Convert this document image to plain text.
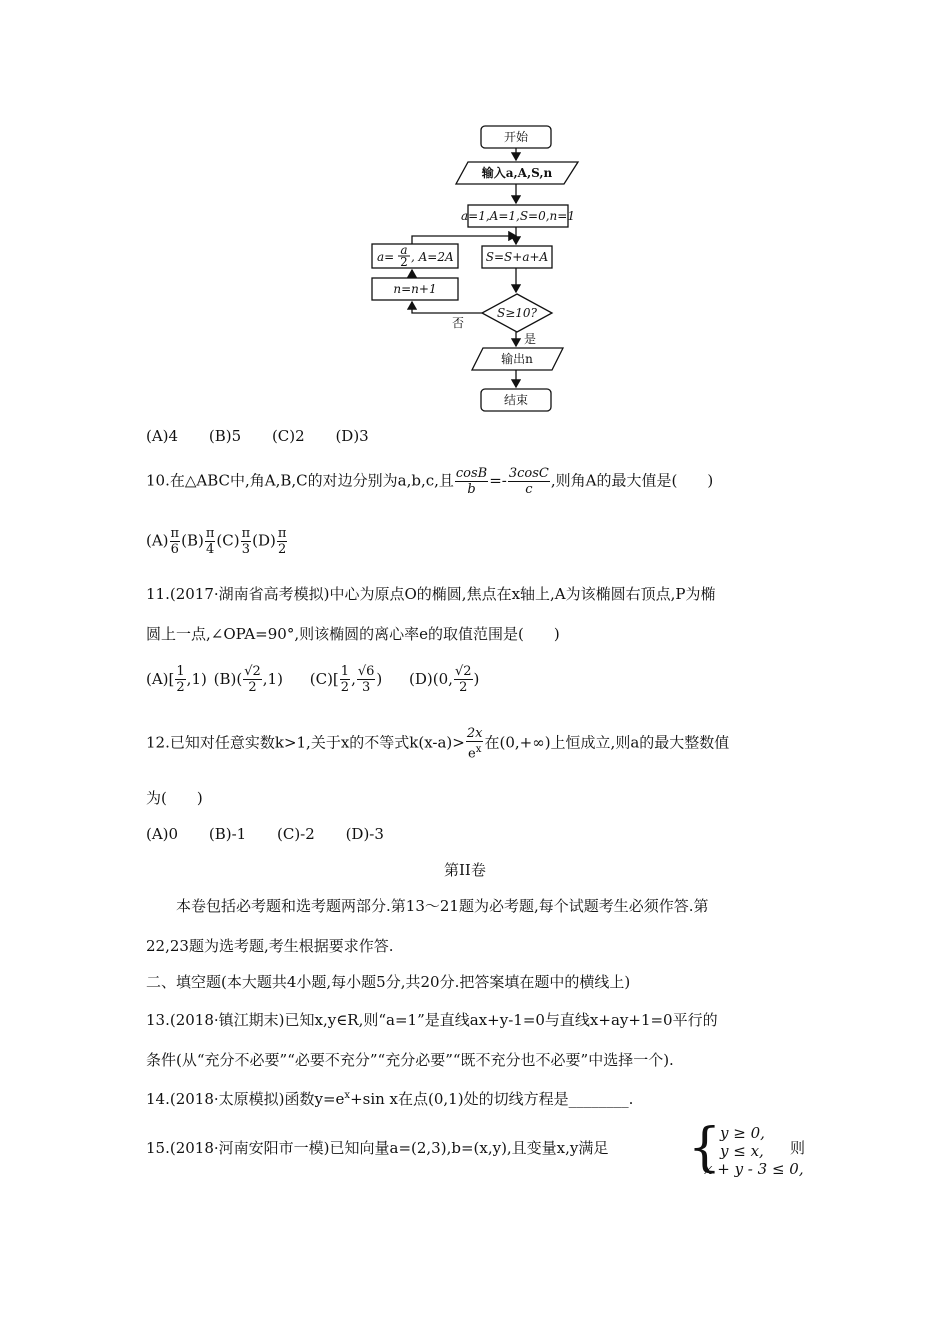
开始
输入a,A,S,n
a=1,A=1,S=0,n=1
S=S+a+A
a= a
2 , A=2A
n=n+1
S≥10?
否
是
输出n
结束
(A)4 (B)5 (C)2 (D)3
10.在△ABC中,角A,B,C的对边分别为a,b,c,且 $\frac{\cos B}{b} =- \frac{3\cos C}{c}$ ,则角A的最大值是(　　)
$(A) \frac{\pi}{6} (B) \frac{\pi}{4} (C) \frac{\pi}{3} (D) \frac{\pi}{2}$
11.(2017·湖南省高考模拟)中心为原点O的椭圆,焦点在x轴上,A为该椭圆右顶点,P为椭
圆上一点,∠OPA=90°,则该椭圆的离心率e的取值范围是(　　)
$(A)[ \frac{1}{2} ,1)$ $(B)( \frac{√2}{2} ,1)$ $(C)[ \frac{1}{2}$ , $\frac{√6}{3}$ ) (D)(0, $\frac{√2}{2}$ )
12.已知对任意实数k>1,关于x的不等式$k(x-a)> \frac{2x}{e^x}$ 在(0,+∞)上恒成立,则a的最大整数值
为(　　)
(A)0 (B)-1 (C)-2 (D)-3
第II卷
本卷包括必考题和选考题两部分.第13～21题为必考题,每个试题考生必须作答.第
22,23题为选考题,考生根据要求作答.
二、填空题(本大题共4小题,每小题5分,共20分.把答案填在题中的横线上)
13.(2018·镇江期末)已知x,y∈R,则“a=1”是直线ax+y-1=0与直线x+ay+1=0平行的
条件(从“充分不必要”“必要不充分”“充分必要”“既不充分也不必要”中选择一个).
14.(2018·太原模拟)函数$y=e^x+\sin$ x在点(0,1)处的切线方程是________.
15.(2018·河南安阳市一模)已知向量a=(2,3),b=(x,y),且变量x,y满足 {
y ≥ 0,
y ≤ x,
x + y - 3 ≤ 0,
则
